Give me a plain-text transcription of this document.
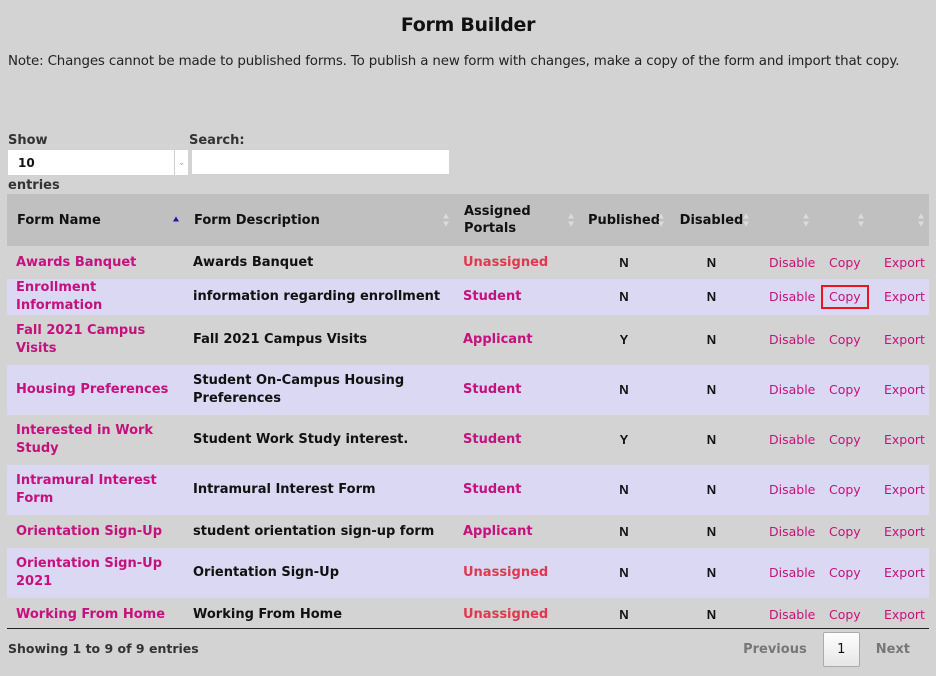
Form Builder
Note: Changes cannot be made to published forms. To publish a new form with changes, make a copy of the form and import that copy.
Show
10	⌄
entries
Search:
Form Name	Form Description	Assigned Portals	Published	Disabled

Awards Banquet	Awards Banquet	Unassigned	N	N	Disable	Copy	Export
Enrollment Information	information regarding enrollment	Student	N	N	Disable	Copy	Export
Fall 2021 Campus Visits	Fall 2021 Campus Visits	Applicant	Y	N	Disable	Copy	Export
Housing Preferences	Student On-Campus Housing Preferences	Student	N	N	Disable	Copy	Export
Interested in Work Study	Student Work Study interest.	Student	Y	N	Disable	Copy	Export
Intramural Interest Form	Intramural Interest Form	Student	N	N	Disable	Copy	Export
Orientation Sign-Up	student orientation sign-up form	Applicant	N	N	Disable	Copy	Export
Orientation Sign-Up 2021	Orientation Sign-Up	Unassigned	N	N	Disable	Copy	Export
Working From Home	Working From Home	Unassigned	N	N	Disable	Copy	Export
Showing 1 to 9 of 9 entries	Previous	1	Next
